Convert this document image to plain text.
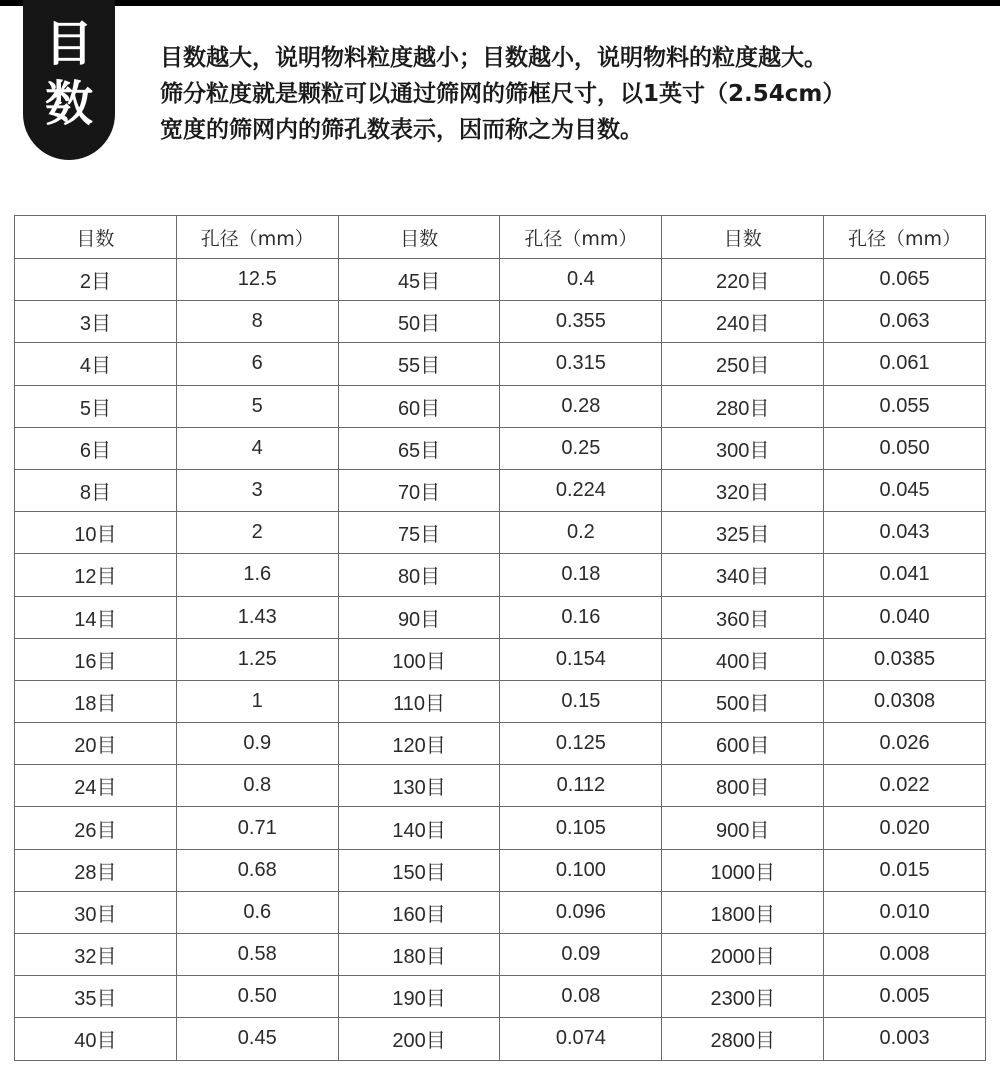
目
数
目数越大，说明物料粒度越小；目数越小，说明物料的粒度越大。
筛分粒度就是颗粒可以通过筛网的筛框尺寸，以1英寸（2.54cm）
宽度的筛网内的筛孔数表示，因而称之为目数。
目数	孔径（mm）	目数	孔径（mm）	目数	孔径（mm）
2目	12.5	45目	0.4	220目	0.065
3目	8	50目	0.355	240目	0.063
4目	6	55目	0.315	250目	0.061
5目	5	60目	0.28	280目	0.055
6目	4	65目	0.25	300目	0.050
8目	3	70目	0.224	320目	0.045
10目	2	75目	0.2	325目	0.043
12目	1.6	80目	0.18	340目	0.041
14目	1.43	90目	0.16	360目	0.040
16目	1.25	100目	0.154	400目	0.0385
18目	1	110目	0.15	500目	0.0308
20目	0.9	120目	0.125	600目	0.026
24目	0.8	130目	0.112	800目	0.022
26目	0.71	140目	0.105	900目	0.020
28目	0.68	150目	0.100	1000目	0.015
30目	0.6	160目	0.096	1800目	0.010
32目	0.58	180目	0.09	2000目	0.008
35目	0.50	190目	0.08	2300目	0.005
40目	0.45	200目	0.074	2800目	0.003
